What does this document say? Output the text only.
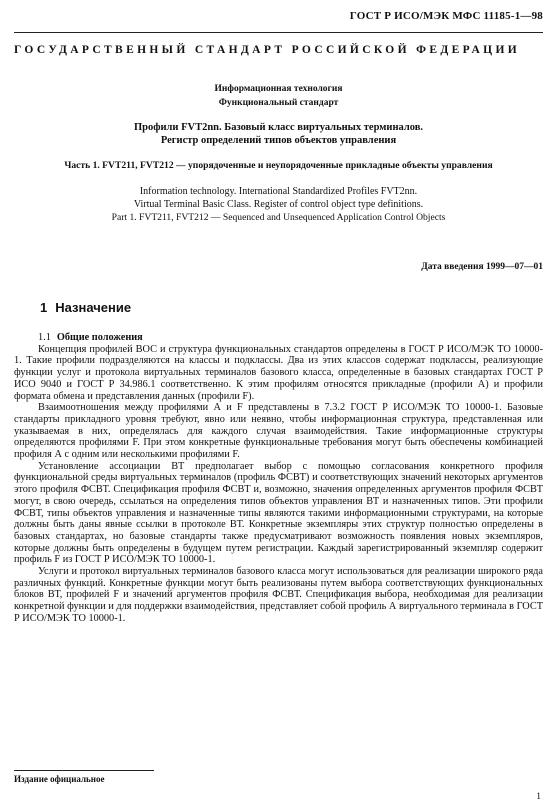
ГОСТ Р ИСО/МЭК МФС 11185-1—98
ГОСУДАРСТВЕННЫЙ СТАНДАРТ РОССИЙСКОЙ ФЕДЕРАЦИИ
Информационная технология
Функциональный стандарт
Профили FVT2nn. Базовый класс виртуальных терминалов.
Регистр определений типов объектов управления
Часть 1. FVT211, FVT212 — упорядоченные и неупорядоченные прикладные объекты управления
Information technology. International Standardized Profiles FVT2nn.
Virtual Terminal Basic Class. Register of control object type definitions.
Part 1. FVT211, FVT212 — Sequenced and Unsequenced Application Control Objects
Дата введения 1999—07—01
1 Назначение

1.1 Общие положения

Концепция профилей ВОС и структура функциональных стандартов определены в ГОСТ Р ИСО/МЭК ТО 10000-1. Такие профили подразделяются на классы и подклассы. Два из этих классов содержат подклассы, реализующие функции услуг и протокола виртуальных терминалов базового класса, определенные в базовых стандартах ГОСТ Р ИСО 9040 и ГОСТ Р 34.986.1 соответственно. К этим профилям относятся прикладные (профили А) и профили формата обмена и представления данных (профили F).

Взаимоотношения между профилями А и F представлены в 7.3.2 ГОСТ Р ИСО/МЭК ТО 10000-1. Базовые стандарты прикладного уровня требуют, явно или неявно, чтобы информационная структура, представленная или указываемая в них, определялась для каждого случая взаимодействия. Такие информационные структуры определяются профилями F. При этом конкретные функциональные требования могут быть обеспечены комбинацией профиля А с одним или несколькими профилями F.

Установление ассоциации ВТ предполагает выбор с помощью согласования конкретного профиля функциональной среды виртуальных терминалов (профиль ФСВТ) и соответствующих значений некоторых аргументов этого профиля ФСВТ. Спецификация профиля ФСВТ и, возможно, значения определенных аргументов профиля ФСВТ могут, в свою очередь, ссылаться на определения типов объектов управления ВТ и назначенных типов. Эти профили ФСВТ, типы объектов управления и назначенные типы являются такими информационными структурами, на которые должны быть даны явные ссылки в протоколе ВТ. Конкретные экземпляры этих структур полностью определены в базовых стандартах, но базовые стандарты также предусматривают возможность появления новых экземпляров, которые должны быть определены в будущем путем регистрации. Каждый зарегистрированный экземпляр содержит профиль F из ГОСТ Р ИСО/МЭК ТО 10000-1.

Услуги и протокол виртуальных терминалов базового класса могут использоваться для реализации широкого ряда различных функций. Конкретные функции могут быть реализованы путем выбора соответствующих функциональных блоков ВТ, профилей F и значений аргументов профиля ФСВТ. Спецификация выбора, необходимая для реализации конкретной функции и для поддержки взаимодействия, представляет собой профиль А виртуального терминала в ГОСТ Р ИСО/МЭК ТО 10000-1.

Издание официальное
1
